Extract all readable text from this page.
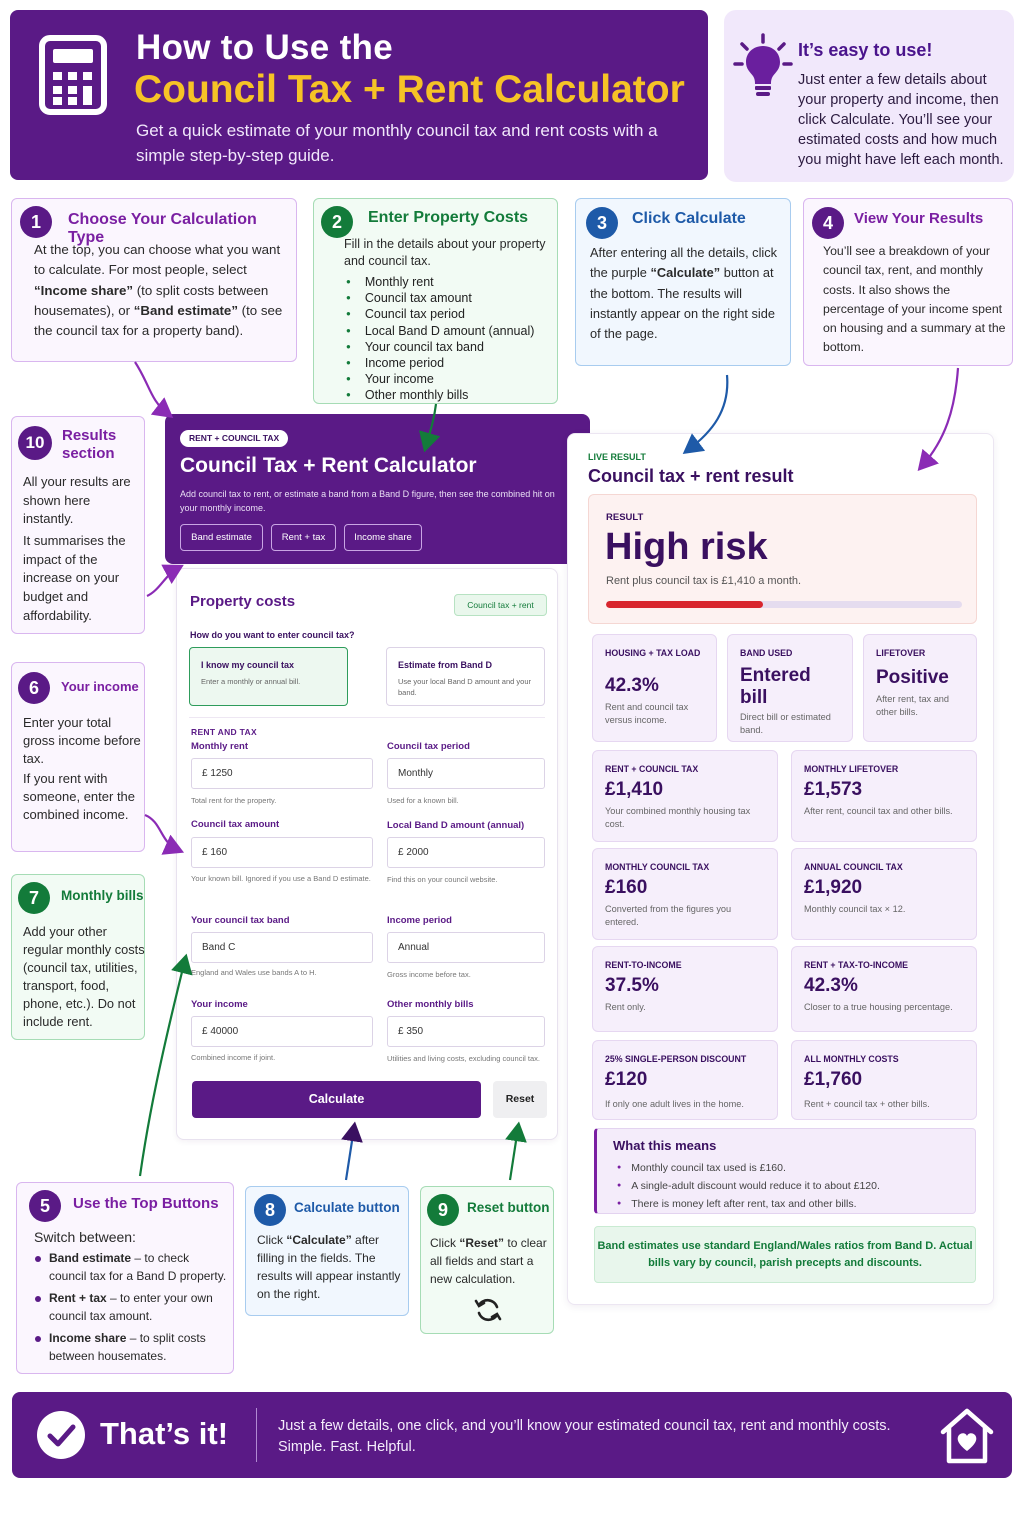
How to Use the
Council Tax + Rent Calculator
Get a quick estimate of your monthly council tax and rent costs with a simple step-by-step guide.
It’s easy to use!
Just enter a few details about your property and income, then click Calculate. You’ll see your estimated costs and how much you might have left each month.
1	Choose Your Calculation Type
At the top, you can choose what you want to calculate. For most people, select “Income share” (to split costs between housemates), or “Band estimate” (to see the council tax for a property band).
2	Enter Property Costs
Fill in the details about your property and council tax.
● Monthly rent
● Council tax amount
● Council tax period
● Local Band D amount (annual)
● Your council tax band
● Income period
● Your income
● Other monthly bills
3	Click Calculate
After entering all the details, click the purple “Calculate” button at the bottom. The results will instantly appear on the right side of the page.
4	View Your Results
You’ll see a breakdown of your council tax, rent, and monthly costs. It also shows the percentage of your income spent on housing and a summary at the bottom.
10	Results section
All your results are shown here instantly.
It summarises the impact of the increase on your budget and affordability.
6	Your income
Enter your total gross income before tax.
If you rent with someone, enter the combined income.
7	Monthly bills
Add your other regular monthly costs (council tax, utilities, transport, food, phone, etc.). Do not include rent.
5	Use the Top Buttons
Switch between:
Band estimate – to check council tax for a Band D property.
Rent + tax – to enter your own council tax amount.
Income share – to split costs between housemates.
8	Calculate button
Click “Calculate” after filling in the fields. The results will appear instantly on the right.
9	Reset button
Click “Reset” to clear all fields and start a new calculation.
RENT + COUNCIL TAX
Council Tax + Rent Calculator
Add council tax to rent, or estimate a band from a Band D figure, then see the combined hit on your monthly income.
Band estimate	Rent + tax	Income share
Property costs	Council tax + rent
How do you want to enter council tax?
I know my council tax
Enter a monthly or annual bill.
Estimate from Band D
Use your local Band D amount and your band.
RENT AND TAX
Monthly rent
£ 1250
Total rent for the property.
Council tax period
Monthly
Used for a known bill.
Council tax amount
£ 160
Your known bill. Ignored if you use a Band D estimate.
Local Band D amount (annual)
£ 2000
Find this on your council website.
Your council tax band
Band C
England and Wales use bands A to H.
Income period
Annual
Gross income before tax.
Your income
£ 40000
Combined income if joint.
Other monthly bills
£ 350
Utilities and living costs, excluding council tax.
Calculate	Reset
LIVE RESULT
Council tax + rent result
RESULT
High risk
Rent plus council tax is £1,410 a month.
HOUSING + TAX LOAD
42.3%
Rent and council tax versus income.
BAND USED
Entered bill
Direct bill or estimated band.
LIFETOVER
Positive
After rent, tax and other bills.
RENT + COUNCIL TAX
£1,410
Your combined monthly housing tax cost.
MONTHLY LIFETOVER
£1,573
After rent, council tax and other bills.
MONTHLY COUNCIL TAX
£160
Converted from the figures you entered.
ANNUAL COUNCIL TAX
£1,920
Monthly council tax × 12.
RENT-TO-INCOME
37.5%
Rent only.
RENT + TAX-TO-INCOME
42.3%
Closer to a true housing percentage.
25% SINGLE-PERSON DISCOUNT
£120
If only one adult lives in the home.
ALL MONTHLY COSTS
£1,760
Rent + council tax + other bills.
What this means
● Monthly council tax used is £160.
● A single-adult discount would reduce it to about £120.
● There is money left after rent, tax and other bills.
Band estimates use standard England/Wales ratios from Band D. Actual bills vary by council, parish precepts and discounts.
That’s it!	Just a few details, one click, and you’ll know your estimated council tax, rent and monthly costs.
Simple. Fast. Helpful.
